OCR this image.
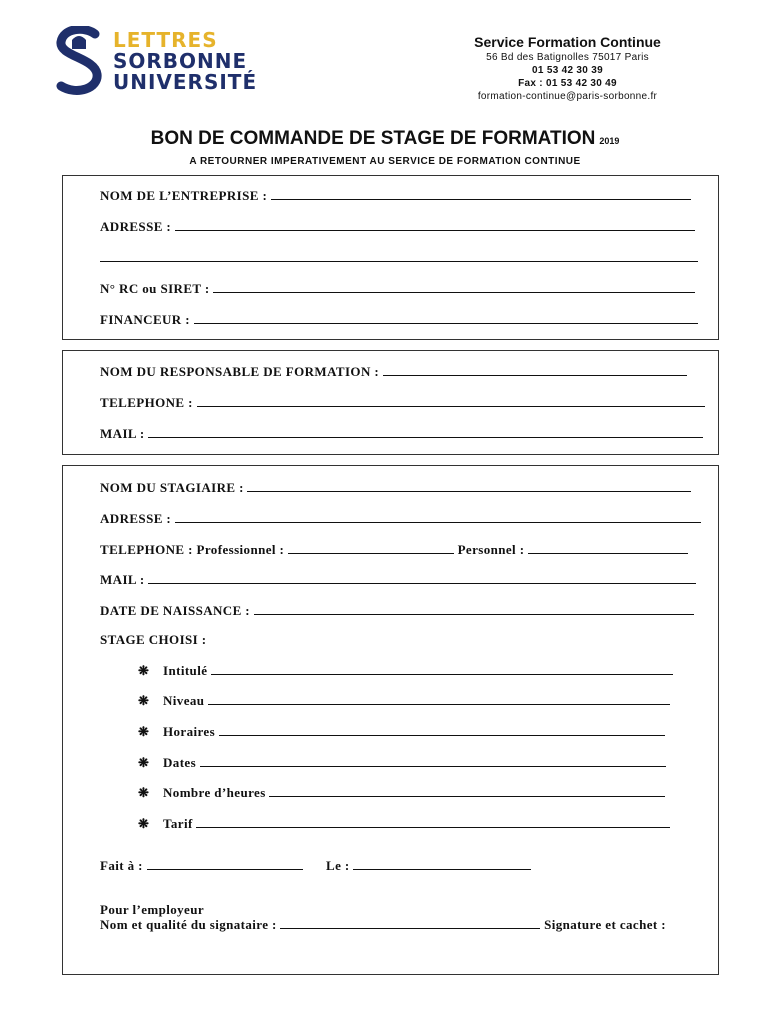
LETTRES
SORBONNE
UNIVERSITÉ
Service Formation Continue
56 Bd des Batignolles 75017 Paris
01 53 42 30 39
Fax : 01 53 42 30 49
formation-continue@paris-sorbonne.fr
BON DE COMMANDE DE STAGE DE FORMATION 2019
A RETOURNER IMPERATIVEMENT AU SERVICE DE FORMATION CONTINUE
NOM DE L’ENTREPRISE :
ADRESSE :
N° RC ou SIRET :
FINANCEUR :
NOM DU RESPONSABLE DE FORMATION :
TELEPHONE :
MAIL :
NOM DU STAGIAIRE :
ADRESSE :
TELEPHONE : Professionnel :	Personnel :
MAIL :
DATE DE NAISSANCE :
STAGE CHOISI :
❋ Intitulé
❋ Niveau
❋ Horaires
❋ Dates
❋ Nombre d’heures
❋ Tarif
Fait à :	Le :
Pour l’employeur
Nom et qualité du signataire :	Signature et cachet :
